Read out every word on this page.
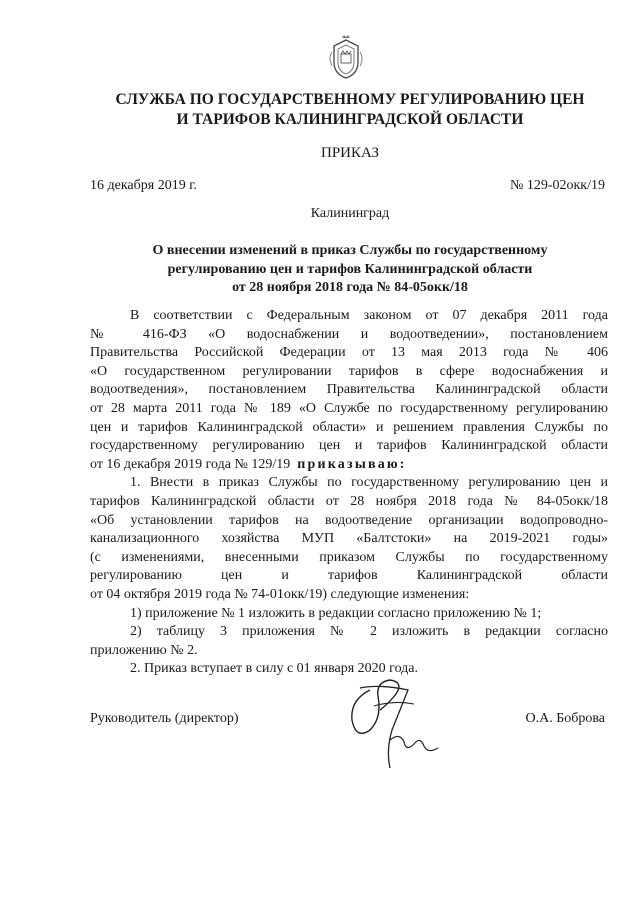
СЛУЖБА ПО ГОСУДАРСТВЕННОМУ РЕГУЛИРОВАНИЮ ЦЕН
И ТАРИФОВ КАЛИНИНГРАДСКОЙ ОБЛАСТИ
ПРИКАЗ
16 декабря 2019 г.	№ 129-02окк/19
Калининград
О внесении изменений в приказ Службы по государственному
регулированию цен и тарифов Калининградской области
от 28 ноября 2018 года № 84-05окк/18
В соответствии с Федеральным законом от 07 декабря 2011 года
№ 416-ФЗ «О водоснабжении и водоотведении», постановлением
Правительства Российской Федерации от 13 мая 2013 года № 406
«О государственном регулировании тарифов в сфере водоснабжения и
водоотведения», постановлением Правительства Калининградской области
от 28 марта 2011 года № 189 «О Службе по государственному регулированию
цен и тарифов Калининградской области» и решением правления Службы по
государственному регулированию цен и тарифов Калининградской области
от 16 декабря 2019 года № 129/19 приказываю:
1. Внести в приказ Службы по государственному регулированию цен и
тарифов Калининградской области от 28 ноября 2018 года № 84-05окк/18
«Об установлении тарифов на водоотведение организации водопроводно-
канализационного хозяйства МУП «Балтстоки» на 2019-2021 годы»
(с изменениями, внесенными приказом Службы по государственному
регулированию цен и тарифов Калининградской области
от 04 октября 2019 года № 74-01окк/19) следующие изменения:
1) приложение № 1 изложить в редакции согласно приложению № 1;
2) таблицу 3 приложения № 2 изложить в редакции согласно
приложению № 2.
2. Приказ вступает в силу с 01 января 2020 года.
Руководитель (директор)	О.А. Боброва
